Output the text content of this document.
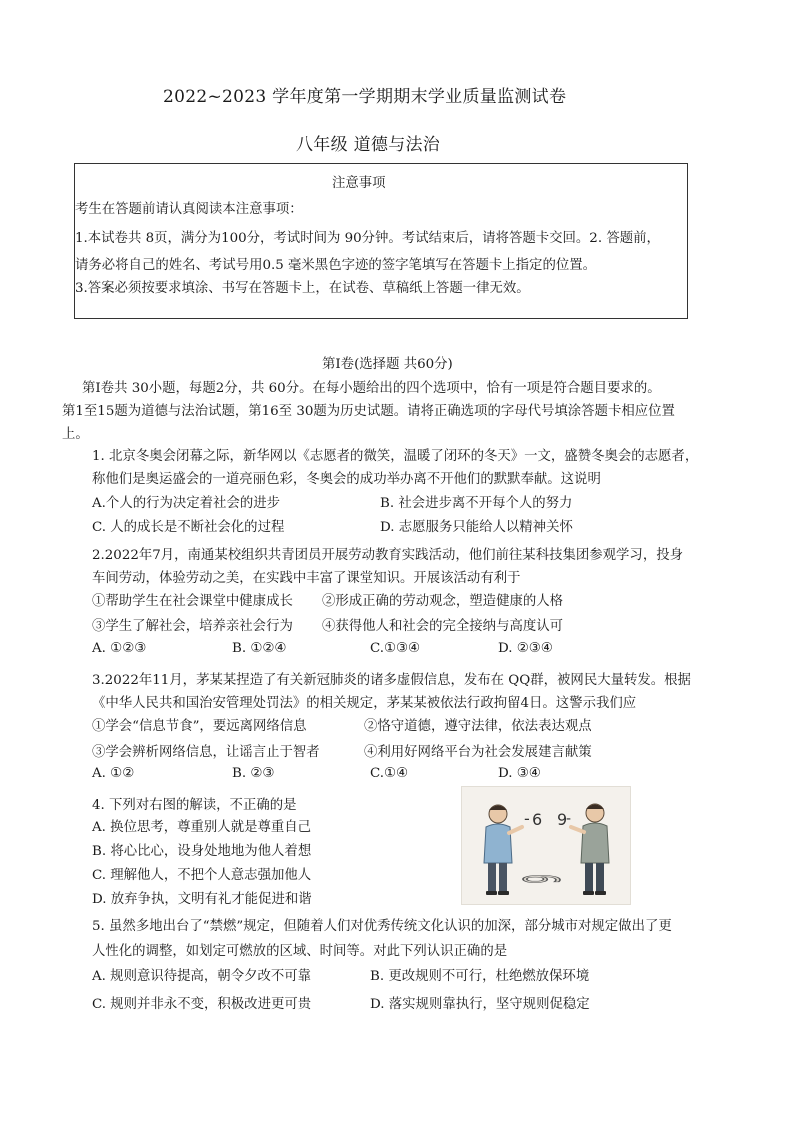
2022~2023 学年度第一学期期末学业质量监测试卷
八年级 道德与法治
注意事项
考生在答题前请认真阅读本注意事项：
1.本试卷共 8页，满分为100分，考试时间为 90分钟。考试结束后，请将答题卡交回。2. 答题前，
请务必将自己的姓名、考试号用0.5 毫米黑色字迹的签字笔填写在答题卡上指定的位置。
3.答案必须按要求填涂、书写在答题卡上，在试卷、草稿纸上答题一律无效。
第Ⅰ卷(选择题 共60分)
第Ⅰ卷共 30小题，每题2分，共 60分。在每小题给出的四个选项中，恰有一项是符合题目要求的。
第1至15题为道德与法治试题，第16至 30题为历史试题。请将正确选项的字母代号填涂答题卡相应位置
上。
1. 北京冬奥会闭幕之际，新华网以《志愿者的微笑，温暖了闭环的冬天》一文，盛赞冬奥会的志愿者，
称他们是奥运盛会的一道亮丽色彩，冬奥会的成功举办离不开他们的默默奉献。这说明
A.个人的行为决定着社会的进步	B. 社会进步离不开每个人的努力
C. 人的成长是不断社会化的过程	D. 志愿服务只能给人以精神关怀
2.2022年7月，南通某校组织共青团员开展劳动教育实践活动，他们前往某科技集团参观学习，投身
车间劳动，体验劳动之美，在实践中丰富了课堂知识。开展该活动有利于
①帮助学生在社会课堂中健康成长 ②形成正确的劳动观念，塑造健康的人格
③学生了解社会，培养亲社会行为 ④获得他人和社会的完全接纳与高度认可
A. ①②③	B. ①②④	C.①③④	D. ②③④
3.2022年11月，茅某某捏造了有关新冠肺炎的诸多虚假信息，发布在 QQ群，被网民大量转发。根据
《中华人民共和国治安管理处罚法》的相关规定，茅某某被依法行政拘留4日。这警示我们应
①学会“信息节食”，要远离网络信息	②恪守道德，遵守法律，依法表达观点
③学会辨析网络信息，让谣言止于智者	④利用好网络平台为社会发展建言献策
A. ①②	B. ②③	C.①④	D. ③④
4. 下列对右图的解读，不正确的是
A. 换位思考，尊重别人就是尊重自己
B. 将心比心，设身处地地为他人着想
C. 理解他人，不把个人意志强加他人
D. 放弃争执，文明有礼才能促进和谐
- 6 9
-
9
5. 虽然多地出台了“禁燃”规定，但随着人们对优秀传统文化认识的加深，部分城市对规定做出了更
人性化的调整，如划定可燃放的区域、时间等。对此下列认识正确的是
A. 规则意识待提高，朝令夕改不可靠	B. 更改规则不可行，杜绝燃放保环境
C. 规则并非永不变，积极改进更可贵	D. 落实规则靠执行，坚守规则促稳定
